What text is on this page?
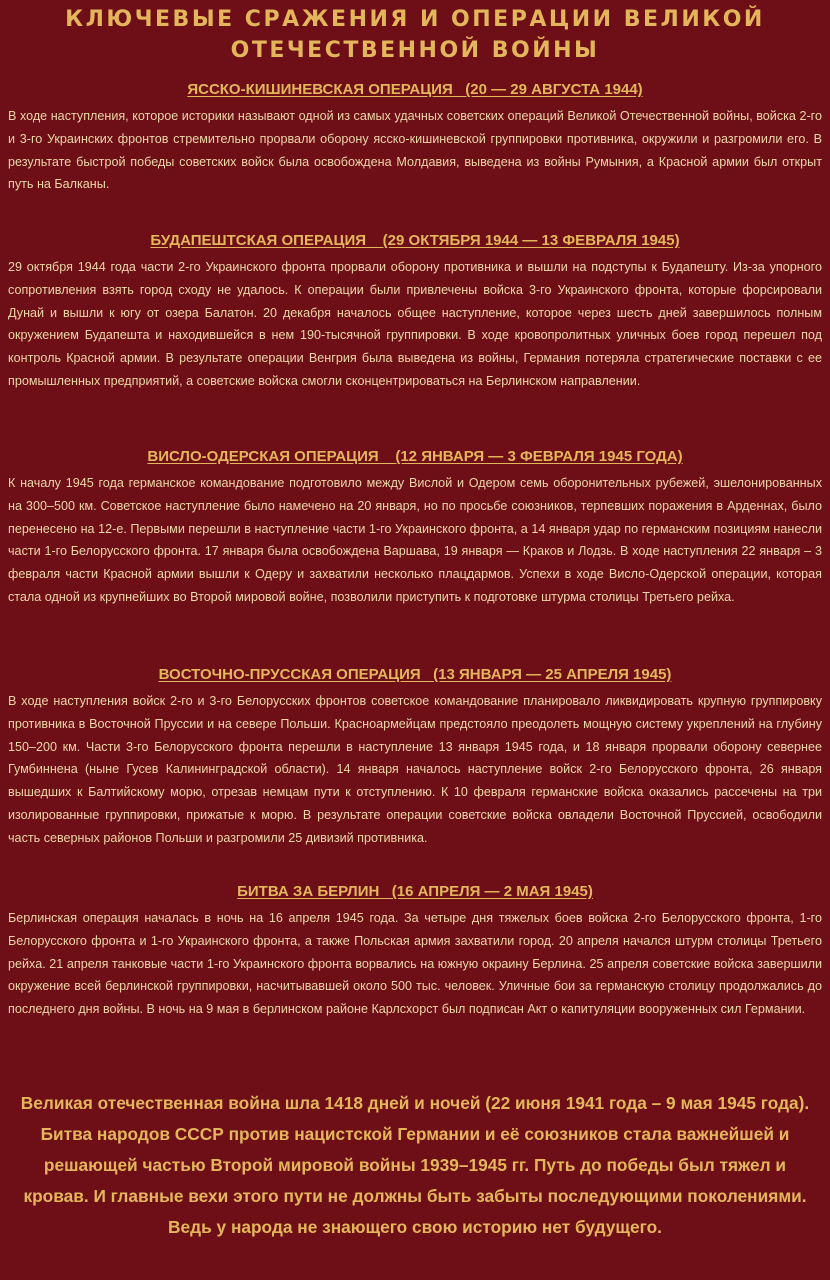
КЛЮЧЕВЫЕ СРАЖЕНИЯ И ОПЕРАЦИИ ВЕЛИКОЙ
ОТЕЧЕСТВЕННОЙ ВОЙНЫ
ЯССКО-КИШИНЕВСКАЯ ОПЕРАЦИЯ   (20 — 29 АВГУСТА 1944)

В ходе наступления, которое историки называют одной из самых удачных советских операций Великой Отечественной войны, войска 2-го и 3-го Украинских фронтов стремительно прорвали оборону ясско-кишиневской группировки противника, окружили и разгромили его. В результате быстрой победы советских войск была освобождена Молдавия, выведена из войны Румыния, а Красной армии был открыт путь на Балканы.

БУДАПЕШТСКАЯ ОПЕРАЦИЯ    (29 ОКТЯБРЯ 1944 — 13 ФЕВРАЛЯ 1945)

29 октября 1944 года части 2-го Украинского фронта прорвали оборону противника и вышли на подступы к Будапешту. Из-за упорного сопротивления взять город сходу не удалось. К операции были привлечены войска 3-го Украинского фронта, которые форсировали Дунай и вышли к югу от озера Балатон. 20 декабря началось общее наступление, которое через шесть дней завершилось полным окружением Будапешта и находившейся в нем 190-тысячной группировки. В ходе кровопролитных уличных боев город перешел под контроль Красной армии. В результате операции Венгрия была выведена из войны, Германия потеряла стратегические поставки с ее промышленных предприятий, а советские войска смогли сконцентрироваться на Берлинском направлении.

ВИСЛО-ОДЕРСКАЯ ОПЕРАЦИЯ    (12 ЯНВАРЯ — 3 ФЕВРАЛЯ 1945 ГОДА)

К началу 1945 года германское командование подготовило между Вислой и Одером семь оборонительных рубежей, эшелонированных на 300–500 км. Советское наступление было намечено на 20 января, но по просьбе союзников, терпевших поражения в Арденнах, было перенесено на 12-е. Первыми перешли в наступление части 1-го Украинского фронта, а 14 января удар по германским позициям нанесли части 1-го Белорусского фронта. 17 января была освобождена Варшава, 19 января — Краков и Лодзь. В ходе наступления 22 января – 3 февраля части Красной армии вышли к Одеру и захватили несколько плацдармов. Успехи в ходе Висло-Одерской операции, которая стала одной из крупнейших во Второй мировой войне, позволили приступить к подготовке штурма столицы Третьего рейха.

ВОСТОЧНО-ПРУССКАЯ ОПЕРАЦИЯ   (13 ЯНВАРЯ — 25 АПРЕЛЯ 1945)

В ходе наступления войск 2-го и 3-го Белорусских фронтов советское командование планировало ликвидировать крупную группировку противника в Восточной Пруссии и на севере Польши. Красноармейцам предстояло преодолеть мощную систему укреплений на глубину 150–200 км. Части 3-го Белорусского фронта перешли в наступление 13 января 1945 года, и 18 января прорвали оборону севернее Гумбиннена (ныне Гусев Калининградской области). 14 января началось наступление войск 2-го Белорусского фронта, 26 января вышедших к Балтийскому морю, отрезав немцам пути к отступлению. К 10 февраля германские войска оказались рассечены на три изолированные группировки, прижатые к морю. В результате операции советские войска овладели Восточной Пруссией, освободили часть северных районов Польши и разгромили 25 дивизий противника.

БИТВА ЗА БЕРЛИН   (16 АПРЕЛЯ — 2 МАЯ 1945)

Берлинская операция началась в ночь на 16 апреля 1945 года. За четыре дня тяжелых боев войска 2-го Белорусского фронта, 1-го Белорусского фронта и 1-го Украинского фронта, а также Польская армия захватили город. 20 апреля начался штурм столицы Третьего рейха. 21 апреля танковые части 1-го Украинского фронта ворвались на южную окраину Берлина. 25 апреля советские войска завершили окружение всей берлинской группировки, насчитывавшей около 500 тыс. человек. Уличные бои за германскую столицу продолжались до последнего дня войны. В ночь на 9 мая в берлинском районе Карлсхорст был подписан Акт о капитуляции вооруженных сил Германии.

Великая отечественная война шла 1418 дней и ночей (22 июня 1941 года – 9 мая 1945 года). Битва народов СССР против нацистской Германии и её союзников стала важнейшей и решающей частью Второй мировой войны 1939–1945 гг. Путь до победы был тяжел и кровав. И главные вехи этого пути не должны быть забыты последующими поколениями. Ведь у народа не знающего свою историю нет будущего.
